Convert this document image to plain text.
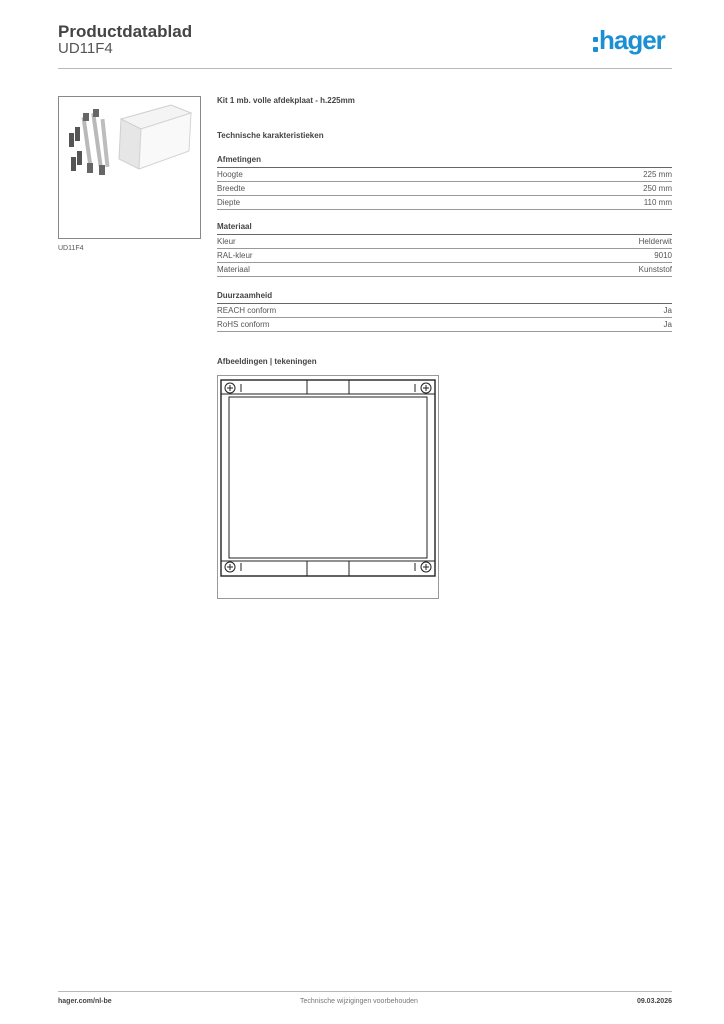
Productdatablad
UD11F4	hager
UD11F4
Kit 1 mb. volle afdekplaat - h.225mm
Technische karakteristieken
Afmetingen
Hoogte	225 mm
Breedte	250 mm
Diepte	110 mm
Materiaal
Kleur	Helderwit
RAL-kleur	9010
Materiaal	Kunststof
Duurzaamheid
REACH conform	Ja
RoHS conform	Ja
Afbeeldingen | tekeningen
hager.com/nl-be	Technische wijzigingen voorbehouden	09.03.2026
